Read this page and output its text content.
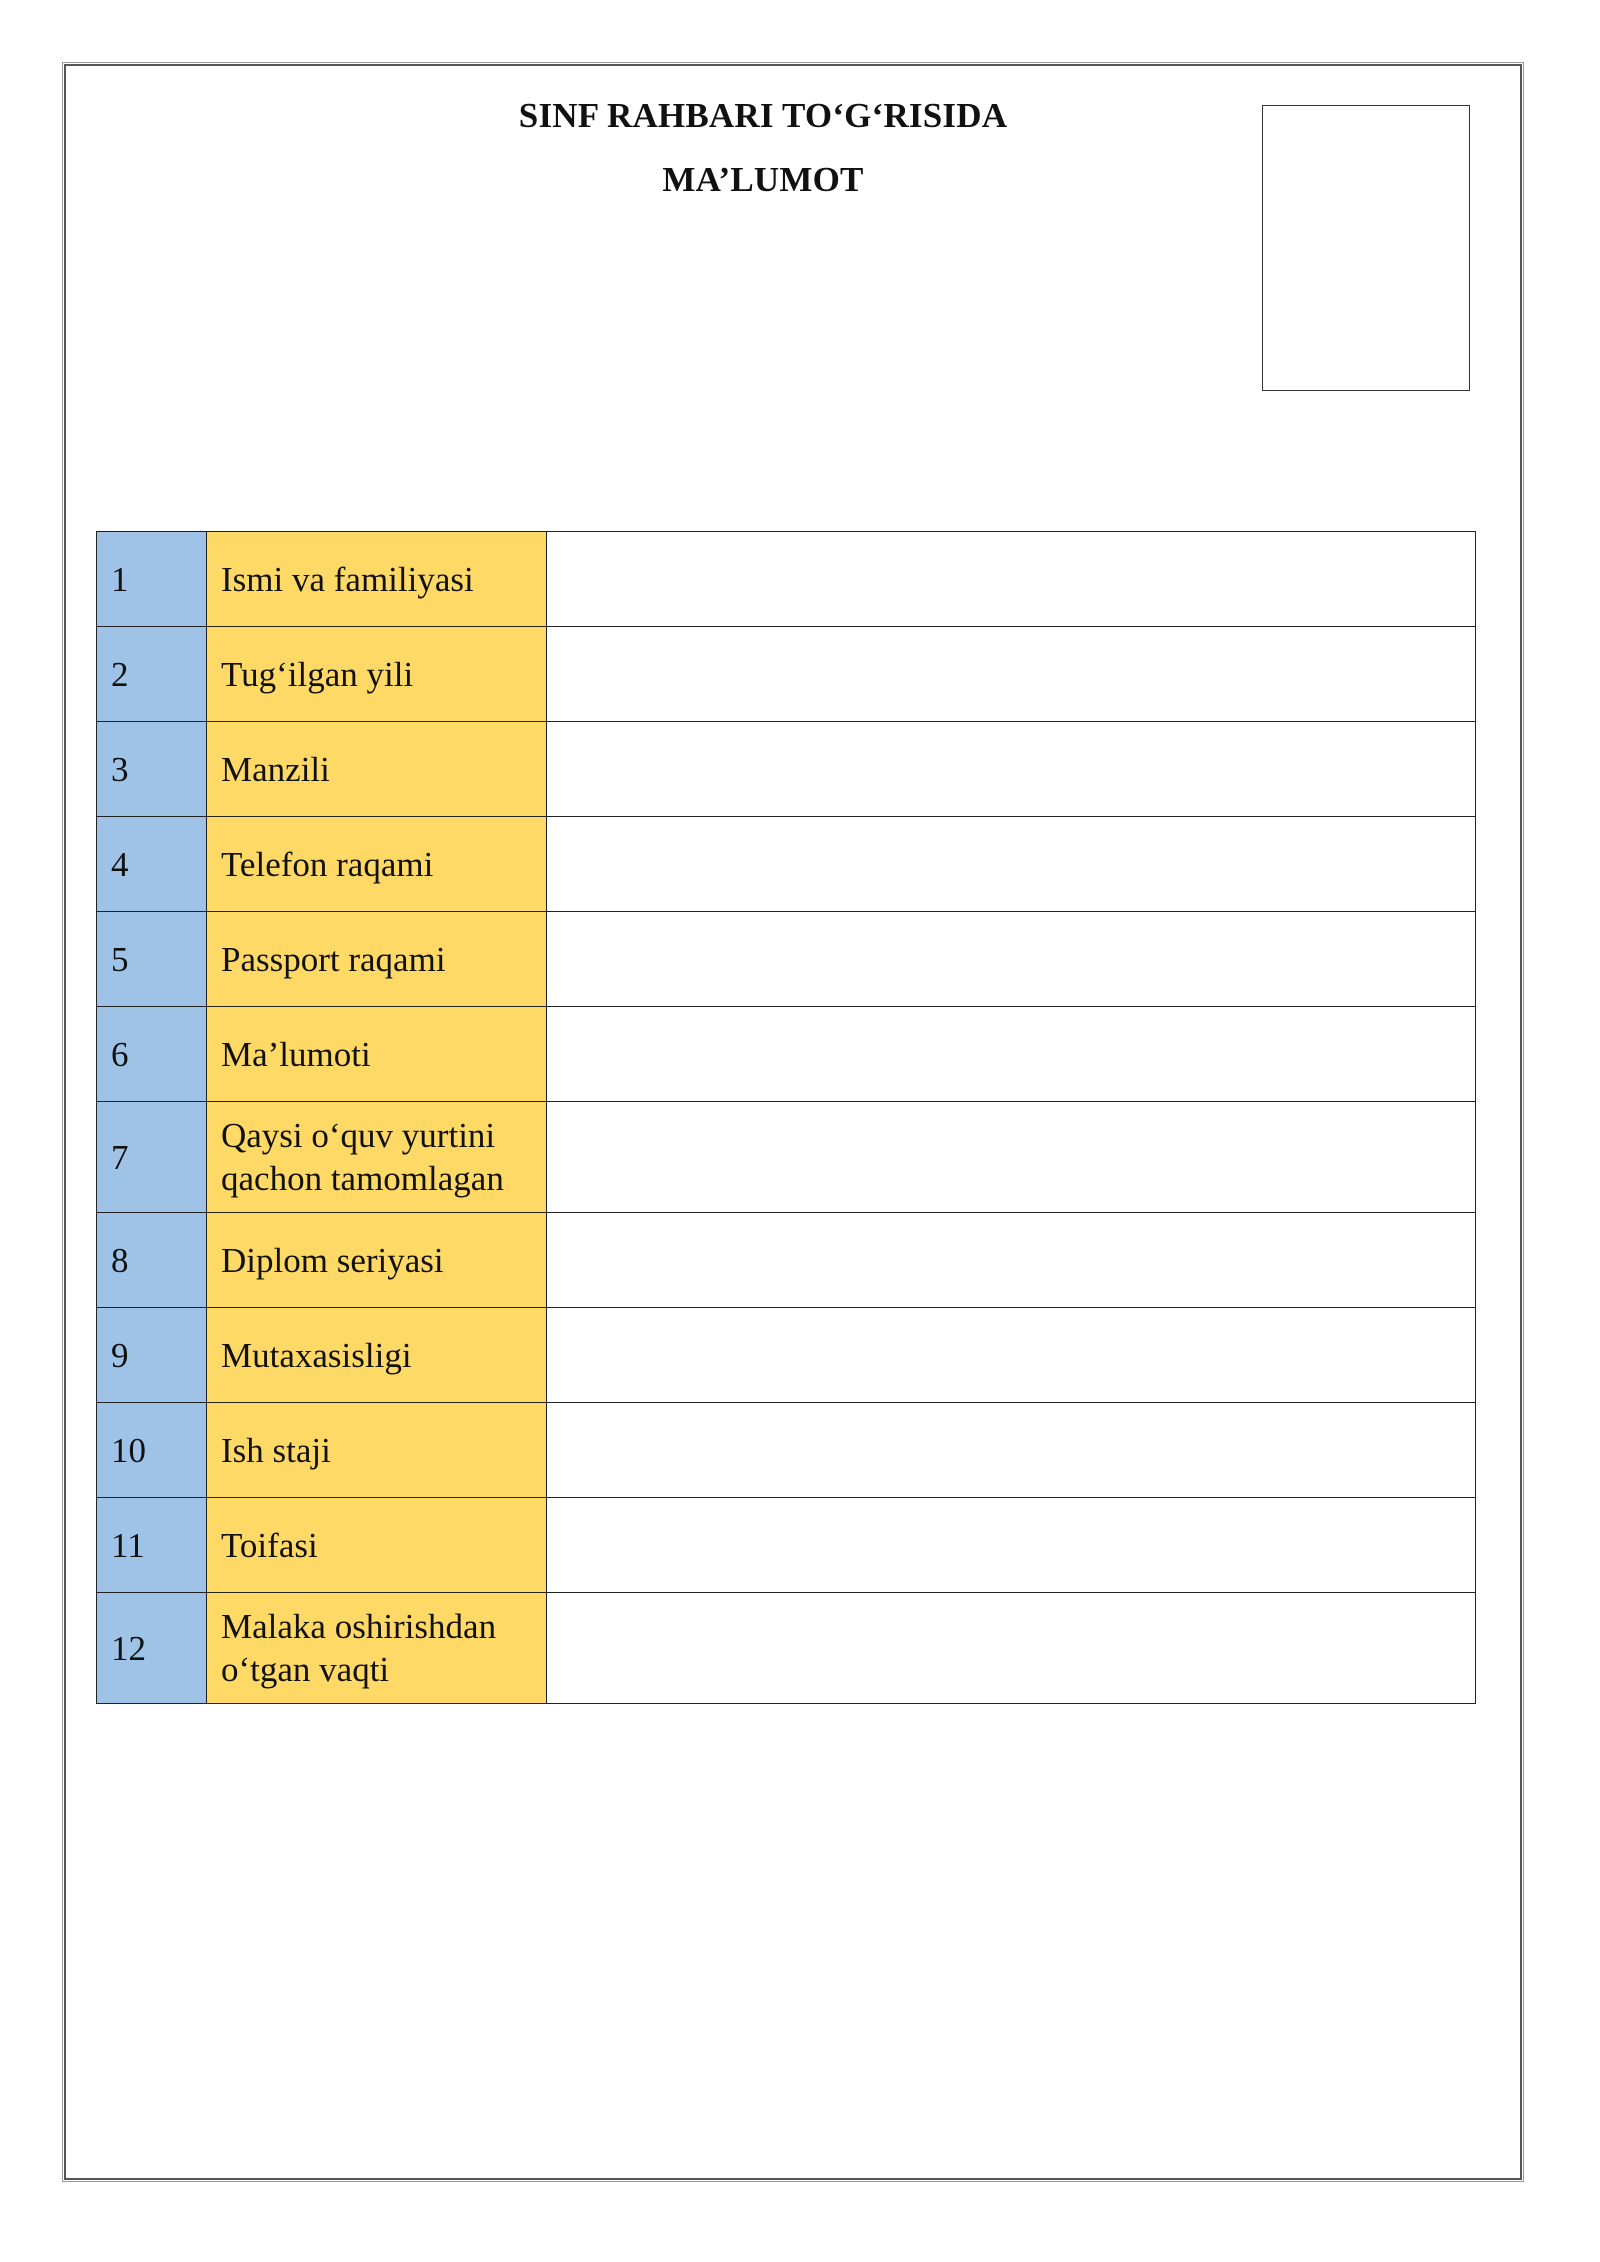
SINF RAHBARI TO‘G‘RISIDA
MA’LUMOT
1	Ismi va familiyasi	
2	Tug‘ilgan yili	
3	Manzili	
4	Telefon raqami	
5	Passport raqami	
6	Ma’lumoti	
7	Qaysi o‘quv yurtini qachon tamomlagan	
8	Diplom seriyasi	
9	Mutaxasisligi	
10	Ish staji	
11	Toifasi	
12	Malaka oshirishdan o‘tgan vaqti	
